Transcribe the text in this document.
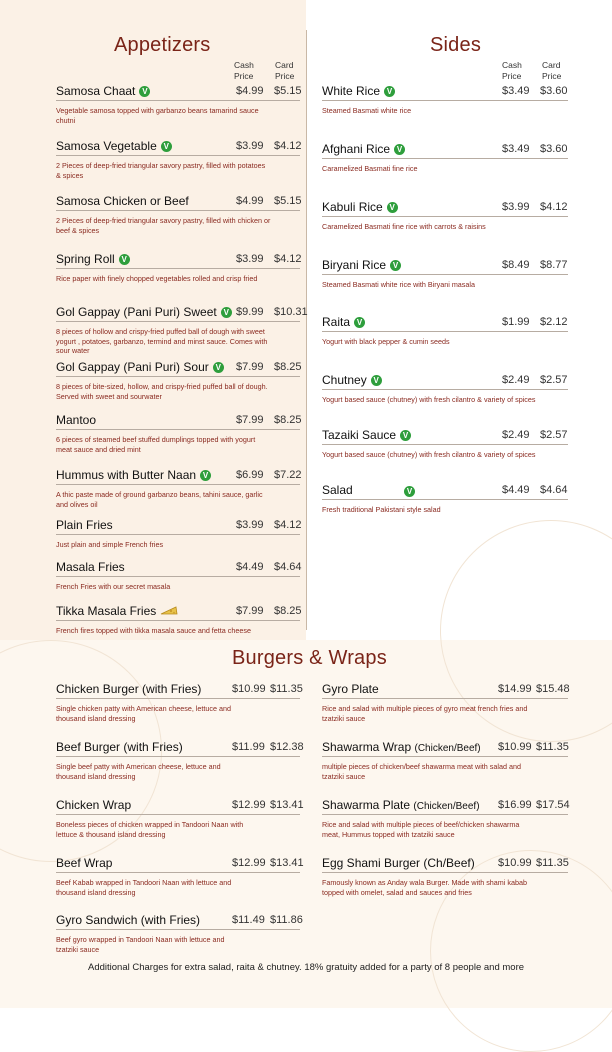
Appetizers	Sides
Burgers & Wraps
Cash Price
Card Price
Cash Price
Card Price
Samosa Chaat V	$4.99 $5.15
Vegetable samosa topped with garbanzo beans tamarind sauce chutni
Samosa Vegetable V	$3.99 $4.12
2 Pieces of deep-fried triangular savory pastry, filled with potatoes & spices
Samosa Chicken or Beef	$4.99 $5.15
2 Pieces of deep-fried triangular savory pastry, filled with chicken or beef & spices
Spring Roll V	$3.99 $4.12
Rice paper with finely chopped vegetables rolled and crisp fried
Gol Gappay (Pani Puri) Sweet V $9.99 $10.31
8 pieces of hollow and crispy-fried puffed ball of dough with sweet yogurt , potatoes, garbanzo, termind and minst sauce. Comes with sour water
Gol Gappay (Pani Puri) Sour V $7.99 $8.25
8 pieces of bite-sized, hollow, and crispy-fried puffed ball of dough. Served with sweet and sourwater
Mantoo	$7.99 $8.25
6 pieces of steamed beef stuffed dumplings topped with yogurt meat sauce and dried mint
Hummus with Butter Naan V	$6.99 $7.22
A thic paste made of ground garbanzo beans, tahini sauce, garlic and olives oil
Plain Fries	$3.99 $4.12
Just plain and simple French fries
Masala Fries	$4.49 $4.64
French Fries with our secret masala
Tikka Masala Fries	$7.99 $8.25
French fires topped with tikka masala sauce and fetta cheese
White Rice V	$3.49 $3.60
Steamed Basmati white rice
Afghani Rice V	$3.49 $3.60
Caramelized Basmati fine rice
Kabuli Rice V	$3.99 $4.12
Caramelized Basmati fine rice with carrots & raisins
Biryani Rice V	$8.49 $8.77
Steamed Basmati white rice with Biryani masala
Raita V	$1.99 $2.12
Yogurt with black pepper & cumin seeds
Chutney V	$2.49 $2.57
Yogurt based sauce (chutney) with fresh cilantro & variety of spices
Tazaiki Sauce V	$2.49 $2.57
Yogurt based sauce (chutney) with fresh cilantro & variety of spices
V
Salad	$4.49 $4.64
Fresh traditional Pakistani style salad
Chicken Burger (with Fries)	$10.99 $11.35
Single chicken patty with American cheese, lettuce and thousand island dressing
Beef Burger (with Fries)	$11.99 $12.38
Single beef patty with American cheese, lettuce and thousand island dressing
Chicken Wrap	$12.99 $13.41
Boneless pieces of chicken wrapped in Tandoori Naan with lettuce & thousand island dressing
Beef Wrap	$12.99 $13.41
Beef Kabab wrapped in Tandoori Naan with lettuce and thousand island dressing
Gyro Sandwich (with Fries)	$11.49 $11.86
Beef gyro wrapped in Tandoori Naan with lettuce and tzatziki sauce
Gyro Plate	$14.99 $15.48
Rice and salad with multiple pieces of gyro meat french fries and tzatziki sauce
Shawarma Wrap (Chicken/Beef) $10.99 $11.35
multiple pieces of chicken/beef shawarma meat with salad and tzatziki sauce
Shawarma Plate (Chicken/Beef) $16.99 $17.54
Rice and salad with multiple pieces of beef/chicken shawarma meat, Hummus topped with tzatziki sauce
Egg Shami Burger (Ch/Beef) $10.99 $11.35
Famously known as Anday wala Burger. Made with shami kabab topped with omelet, salad and sauces and fries
Additional Charges for extra salad, raita & chutney. 18% gratuity added for a party of 8 people and more
